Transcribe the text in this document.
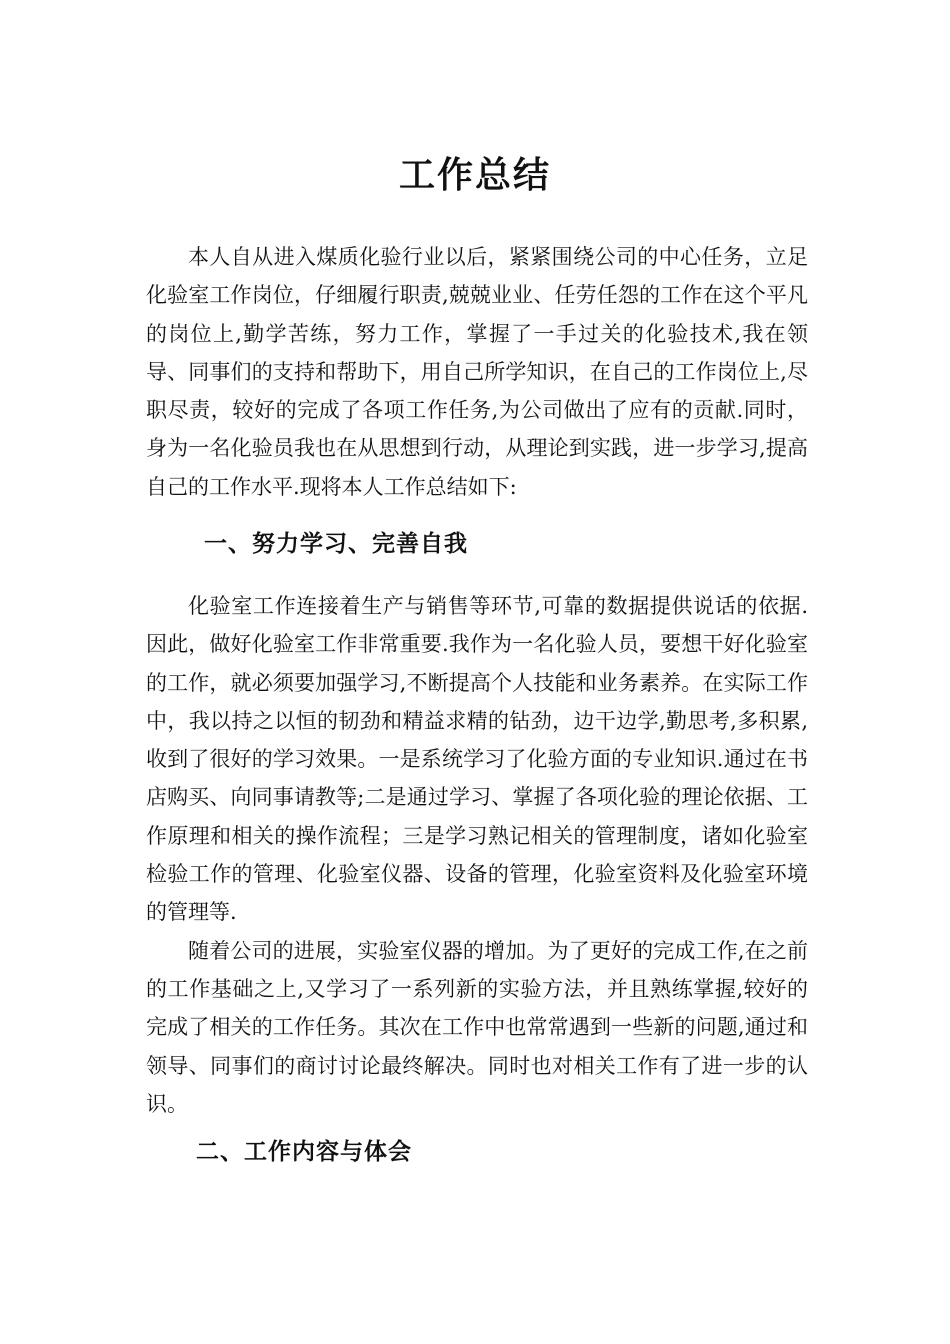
工作总结

本人自从进入煤质化验行业以后，紧紧围绕公司的中心任务，立足化验室工作岗位，仔细履行职责,兢兢业业、任劳任怨的工作在这个平凡的岗位上,勤学苦练，努力工作，掌握了一手过关的化验技术,我在领导、同事们的支持和帮助下，用自己所学知识，在自己的工作岗位上,尽职尽责，较好的完成了各项工作任务,为公司做出了应有的贡献.同时，身为一名化验员我也在从思想到行动，从理论到实践，进一步学习,提高自己的工作水平.现将本人工作总结如下:

一、努力学习、完善自我

化验室工作连接着生产与销售等环节,可靠的数据提供说话的依据.因此，做好化验室工作非常重要.我作为一名化验人员，要想干好化验室的工作，就必须要加强学习,不断提高个人技能和业务素养。在实际工作中，我以持之以恒的韧劲和精益求精的钻劲，边干边学,勤思考,多积累,收到了很好的学习效果。一是系统学习了化验方面的专业知识.通过在书店购买、向同事请教等;二是通过学习、掌握了各项化验的理论依据、工作原理和相关的操作流程；三是学习熟记相关的管理制度，诸如化验室检验工作的管理、化验室仪器、设备的管理，化验室资料及化验室环境的管理等.

随着公司的进展，实验室仪器的增加。为了更好的完成工作,在之前的工作基础之上,又学习了一系列新的实验方法，并且熟练掌握,较好的完成了相关的工作任务。其次在工作中也常常遇到一些新的问题,通过和领导、同事们的商讨讨论最终解决。同时也对相关工作有了进一步的认识。

二、工作内容与体会
